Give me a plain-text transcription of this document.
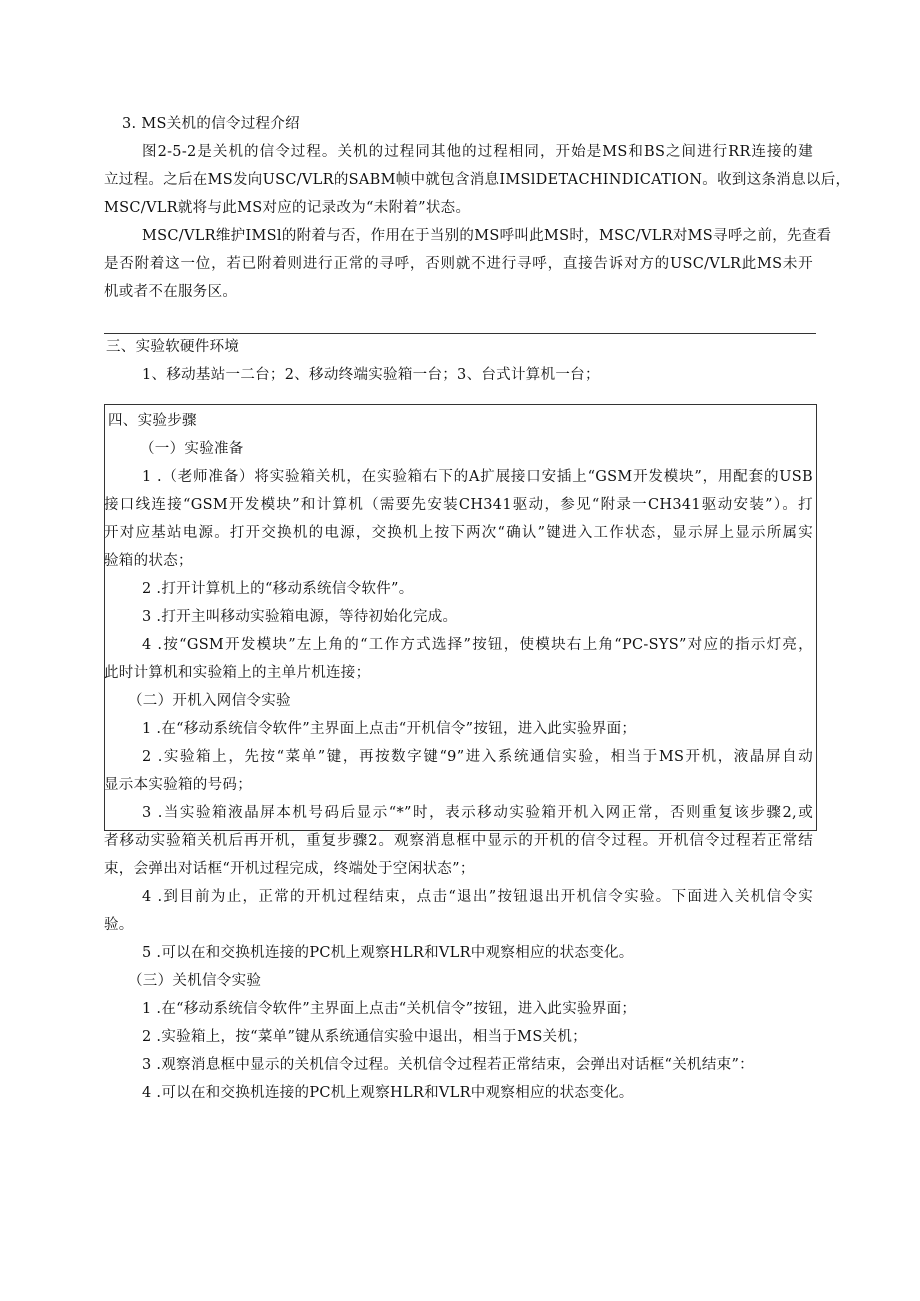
3. MS关机的信令过程介绍
图2-5-2是关机的信令过程。关机的过程同其他的过程相同，开始是MS和BS之间进行RR连接的建
立过程。之后在MS发向USC/VLR的SABM帧中就包含消息IMSlDETACHINDICATION。收到这条消息以后，
MSC/VLR就将与此MS对应的记录改为“未附着”状态。
MSC/VLR维护IMSl的附着与否，作用在于当别的MS呼叫此MS时，MSC/VLR对MS寻呼之前，先查看
是否附着这一位，若已附着则进行正常的寻呼，否则就不进行寻呼，直接告诉对方的USC/VLR此MS未开
机或者不在服务区。
三、实验软硬件环境
1、移动基站一二台；2、移动终端实验箱一台；3、台式计算机一台；
四、实验步骤
（一）实验准备
1 .（老师准备）将实验箱关机，在实验箱右下的A扩展接口安插上“GSM开发模块”，用配套的USB
接口线连接“GSM开发模块”和计算机（需要先安装CH341驱动，参见“附录一CH341驱动安装”）。打
开对应基站电源。打开交换机的电源，交换机上按下两次“确认”键进入工作状态，显示屏上显示所属实
验箱的状态；
2 .打开计算机上的“移动系统信令软件”。
3 .打开主叫移动实验箱电源，等待初始化完成。
4 .按“GSM开发模块”左上角的“工作方式选择”按钮，使模块右上角“PC-SYS”对应的指示灯亮，
此时计算机和实验箱上的主单片机连接；
（二）开机入网信令实验
1 .在“移动系统信令软件”主界面上点击“开机信令”按钮，进入此实验界面；
2 .实验箱上，先按“菜单”键，再按数字键“9”进入系统通信实验，相当于MS开机，液晶屏自动
显示本实验箱的号码；
3 .当实验箱液晶屏本机号码后显示“*”时，表示移动实验箱开机入网正常，否则重复该步骤2,或
者移动实验箱关机后再开机，重复步骤2。观察消息框中显示的开机的信令过程。开机信令过程若正常结
束，会弹出对话框“开机过程完成，终端处于空闲状态”；
4 .到目前为止，正常的开机过程结束，点击“退出”按钮退出开机信令实验。下面进入关机信令实
验。
5 .可以在和交换机连接的PC机上观察HLR和VLR中观察相应的状态变化。
（三）关机信令实验
1 .在“移动系统信令软件”主界面上点击“关机信令”按钮，进入此实验界面；
2 .实验箱上，按“菜单”键从系统通信实验中退出，相当于MS关机；
3 .观察消息框中显示的关机信令过程。关机信令过程若正常结束，会弹出对话框“关机结束”：
4 .可以在和交换机连接的PC机上观察HLR和VLR中观察相应的状态变化。
